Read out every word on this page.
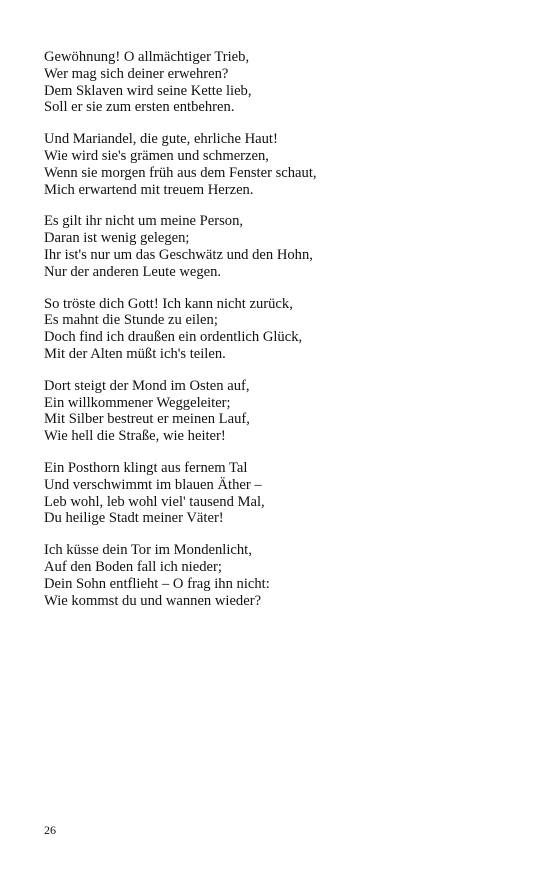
Gewöhnung! O allmächtiger Trieb,
Wer mag sich deiner erwehren?
Dem Sklaven wird seine Kette lieb,
Soll er sie zum ersten entbehren.
Und Mariandel, die gute, ehrliche Haut!
Wie wird sie's grämen und schmerzen,
Wenn sie morgen früh aus dem Fenster schaut,
Mich erwartend mit treuem Herzen.
Es gilt ihr nicht um meine Person,
Daran ist wenig gelegen;
Ihr ist's nur um das Geschwätz und den Hohn,
Nur der anderen Leute wegen.
So tröste dich Gott! Ich kann nicht zurück,
Es mahnt die Stunde zu eilen;
Doch find ich draußen ein ordentlich Glück,
Mit der Alten müßt ich's teilen.
Dort steigt der Mond im Osten auf,
Ein willkommener Weggeleiter;
Mit Silber bestreut er meinen Lauf,
Wie hell die Straße, wie heiter!
Ein Posthorn klingt aus fernem Tal
Und verschwimmt im blauen Äther –
Leb wohl, leb wohl viel' tausend Mal,
Du heilige Stadt meiner Väter!
Ich küsse dein Tor im Mondenlicht,
Auf den Boden fall ich nieder;
Dein Sohn entflieht – O frag ihn nicht:
Wie kommst du und wannen wieder?
26
